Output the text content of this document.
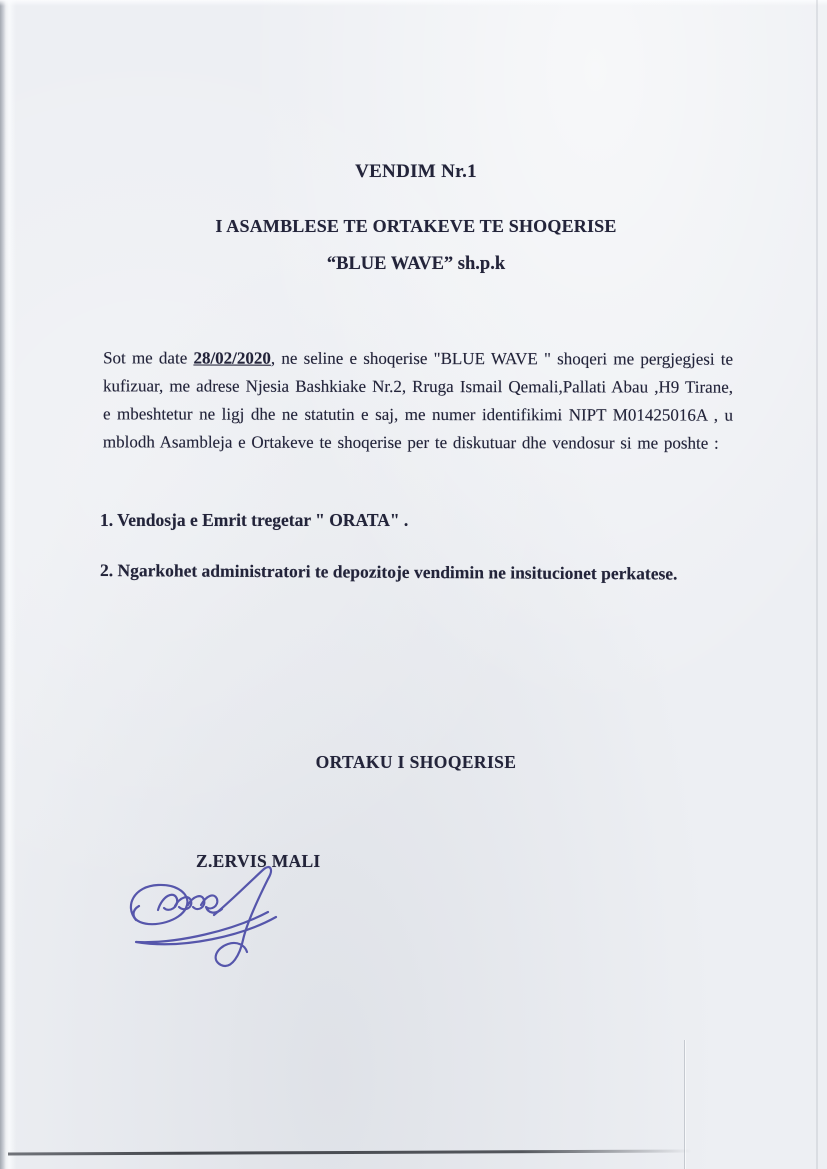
VENDIM Nr.1
I ASAMBLESE TE ORTAKEVE TE SHOQERISE
“BLUE WAVE” sh.p.k
Sot me date 28/02/2020, ne seline e shoqerise "BLUE WAVE " shoqeri me pergjegjesi te kufizuar, me adrese Njesia Bashkiake Nr.2, Rruga Ismail Qemali,Pallati Abau ,H9 Tirane, e mbeshtetur ne ligj dhe ne statutin e saj, me numer identifikimi NIPT M01425016A , u mblodh Asambleja e Ortakeve te shoqerise per te diskutuar dhe vendosur si me poshte :
1. Vendosja e Emrit tregetar " ORATA" .
2. Ngarkohet administratori te depozitoje vendimin ne insitucionet perkatese.
ORTAKU I SHOQERISE
Z.ERVIS MALI
